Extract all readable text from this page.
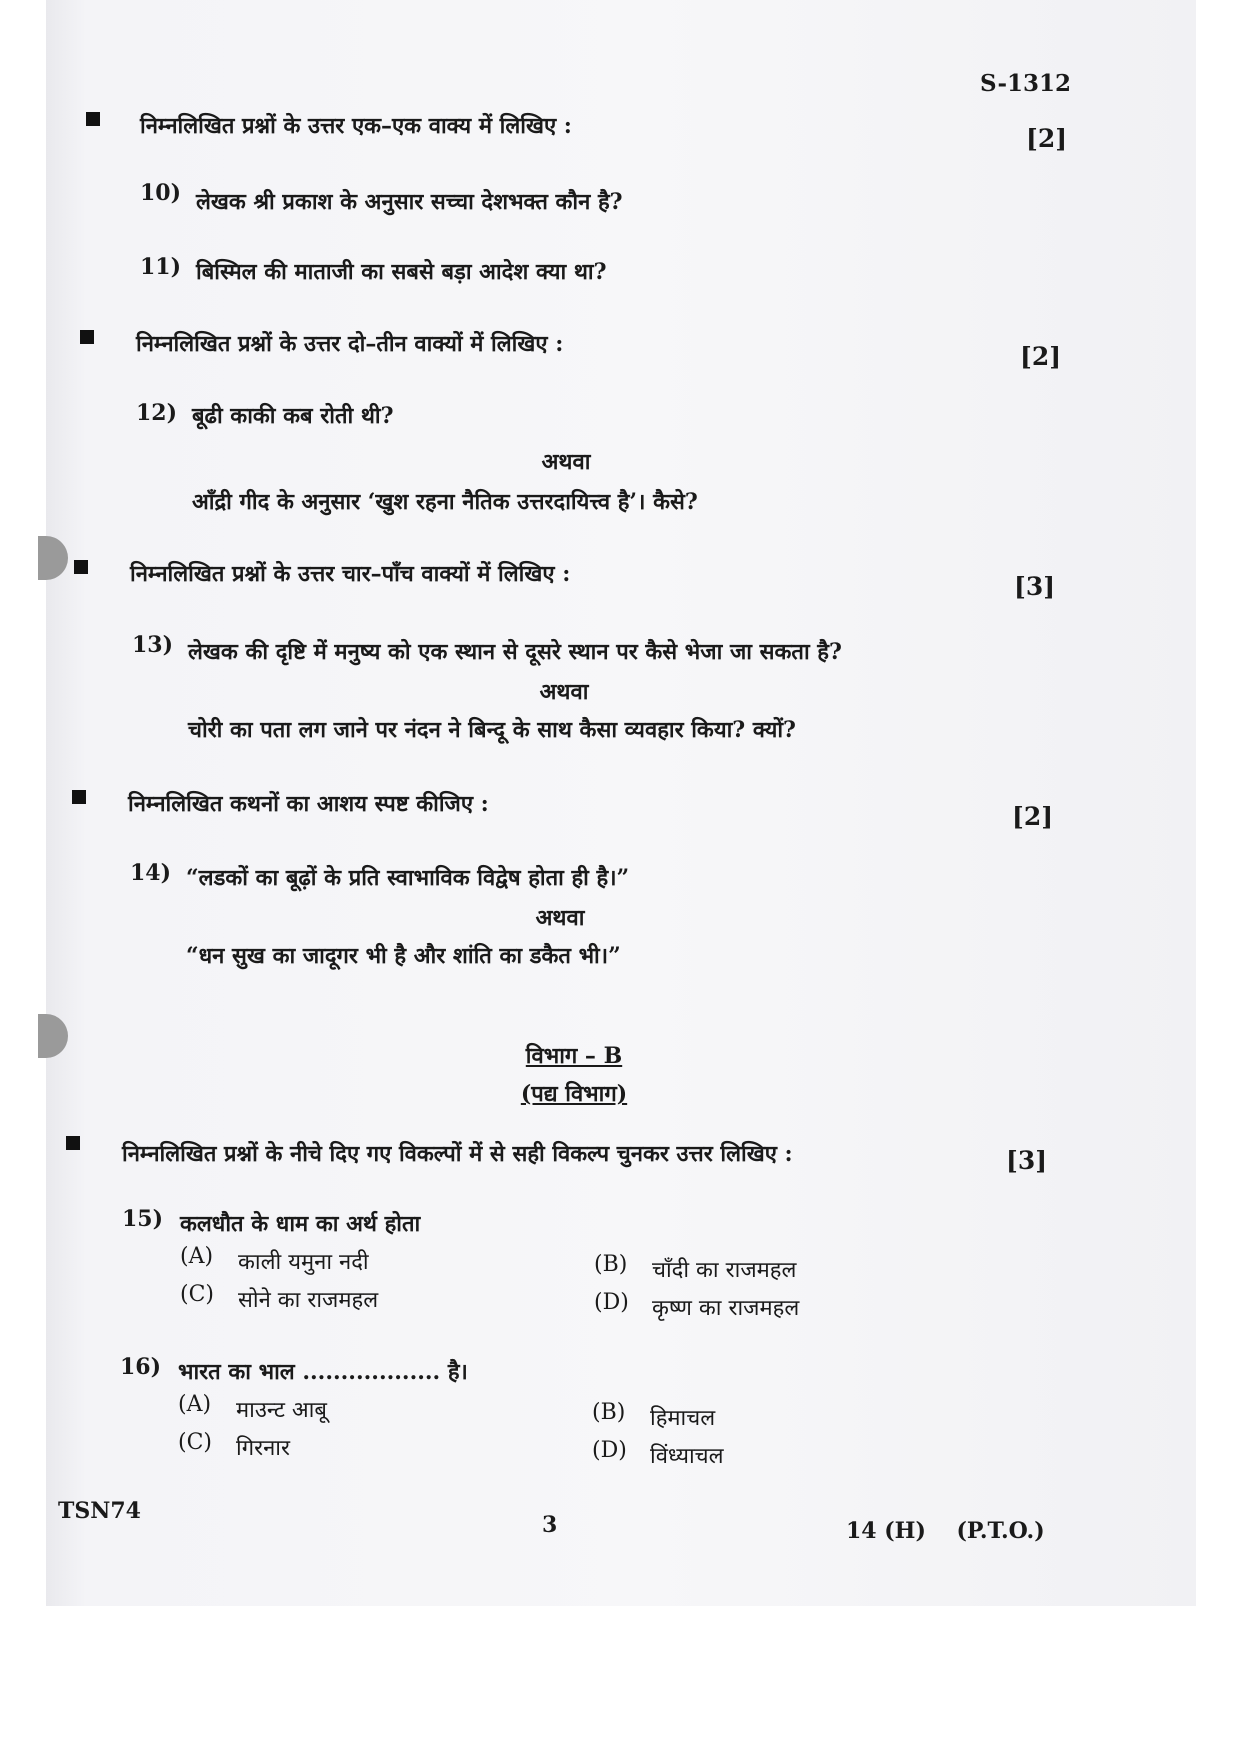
S-1312
निम्नलिखित प्रश्नों के उत्तर एक–एक वाक्य में लिखिए :	[2]
10) लेखक श्री प्रकाश के अनुसार सच्चा देशभक्त कौन है?
11) बिस्मिल की माताजी का सबसे बड़ा आदेश क्या था?
निम्नलिखित प्रश्नों के उत्तर दो–तीन वाक्यों में लिखिए :	[2]
12) बूढी काकी कब रोती थी?
अथवा
आँद्री गीद के अनुसार ‘खुश रहना नैतिक उत्तरदायित्त्व है’। कैसे?
निम्नलिखित प्रश्नों के उत्तर चार–पाँच वाक्यों में लिखिए :	[3]
13) लेखक की दृष्टि में मनुष्य को एक स्थान से दूसरे स्थान पर कैसे भेजा जा सकता है?
अथवा
चोरी का पता लग जाने पर नंदन ने बिन्दू के साथ कैसा व्यवहार किया? क्यों?
निम्नलिखित कथनों का आशय स्पष्ट कीजिए :	[2]
14) “लडकों का बूढ़ों के प्रति स्वाभाविक विद्वेष होता ही है।”
अथवा
“धन सुख का जादूगर भी है और शांति का डकैत भी।”
विभाग – B
(पद्य विभाग)
निम्नलिखित प्रश्नों के नीचे दिए गए विकल्पों में से सही विकल्प चुनकर उत्तर लिखिए :	[3]
15) कलधौत के धाम का अर्थ होता
(A) काली यमुना नदी	(B) चाँदी का राजमहल
(C) सोने का राजमहल	(D) कृष्ण का राजमहल
16) भारत का भाल .................. है।
(A) माउन्ट आबू	(B) हिमाचल
(C) गिरनार	(D) विंध्याचल
TSN74
3	14 (H)    (P.T.O.)
